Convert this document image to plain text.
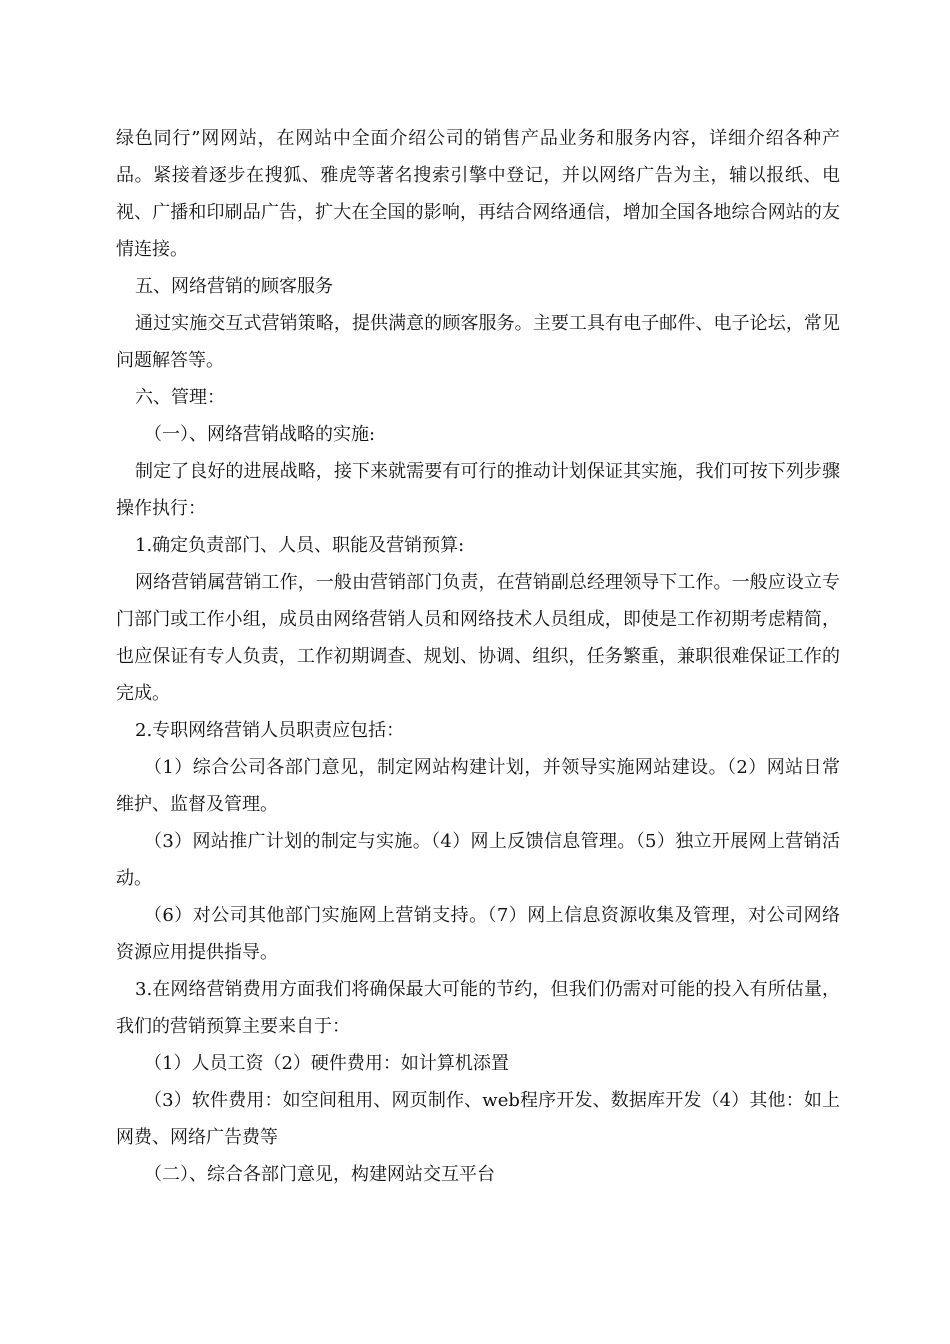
绿色同行”网网站，在网站中全面介绍公司的销售产品业务和服务内容，详细介绍各种产品。紧接着逐步在搜狐、雅虎等著名搜索引擎中登记，并以网络广告为主，辅以报纸、电视、广播和印刷品广告，扩大在全国的影响，再结合网络通信，增加全国各地综合网站的友情连接。

五、网络营销的顾客服务

通过实施交互式营销策略，提供满意的顾客服务。主要工具有电子邮件、电子论坛，常见问题解答等。

六、管理：

（一）、网络营销战略的实施:

制定了良好的进展战略，接下来就需要有可行的推动计划保证其实施，我们可按下列步骤操作执行：

1.确定负责部门、人员、职能及营销预算:

网络营销属营销工作，一般由营销部门负责，在营销副总经理领导下工作。一般应设立专门部门或工作小组，成员由网络营销人员和网络技术人员组成，即使是工作初期考虑精简，也应保证有专人负责，工作初期调查、规划、协调、组织，任务繁重，兼职很难保证工作的完成。

2.专职网络营销人员职责应包括：

（1）综合公司各部门意见，制定网站构建计划，并领导实施网站建设。（2）网站日常维护、监督及管理。

（3）网站推广计划的制定与实施。（4）网上反馈信息管理。（5）独立开展网上营销活动。

（6）对公司其他部门实施网上营销支持。（7）网上信息资源收集及管理，对公司网络资源应用提供指导。

3.在网络营销费用方面我们将确保最大可能的节约，但我们仍需对可能的投入有所估量，我们的营销预算主要来自于：

（1）人员工资（2）硬件费用：如计算机添置

（3）软件费用：如空间租用、网页制作、web程序开发、数据库开发（4）其他：如上网费、网络广告费等

（二）、综合各部门意见，构建网站交互平台
